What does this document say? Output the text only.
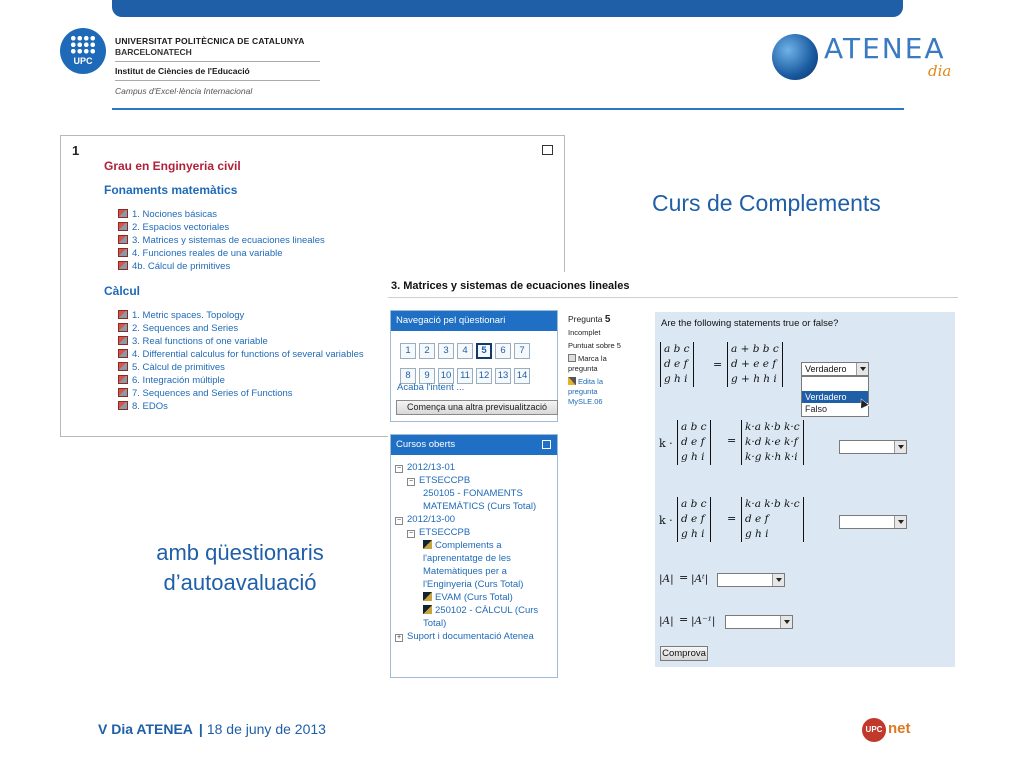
UPC
UNIVERSITAT POLITÈCNICA DE CATALUNYA
BARCELONATECH
Institut de Ciències de l'Educació
Campus d'Excel·lència Internacional
ATENEA
dia
Curs de Complements
1
Grau en Enginyeria civil
Fonaments matemàtics
1. Nociones básicas
2. Espacios vectoriales
3. Matrices y sistemas de ecuaciones lineales
4. Funciones reales de una variable
4b. Cálcul de primitives
Càlcul
1. Metric spaces. Topology
2. Sequences and Series
3. Real functions of one variable
4. Differential calculus for functions of several variables
5. Càlcul de primitives
6. Integración múltiple
7. Sequences and Series of Functions
8. EDOs
3. Matrices y sistemas de ecuaciones lineales
Navegació pel qüestionari
1 2 3 4 5 6 7 8 9 10 11 12 13 14
Acaba l'intent ...
Comença una altra previsualització
Pregunta 5
Incomplet
Puntuat sobre 5
Marca la
pregunta
Edita la
pregunta
MySLE.06
Are the following statements true or false?
a b c
d e f
g h i
=
a + b b c
d + e e f
g + h h i
Verdadero
Verdadero
Falso
k ·
a b c
d e f
g h i
=
k·a k·b k·c
k·d k·e k·f
k·g k·h k·i
k ·
a b c
d e f
g h i
=
k·a k·b k·c
d e f
g h i
|A| = |Aᵗ|
|A| = |A⁻¹|
Comprova
Cursos oberts
− 2012/13-01
− ETSECCPB
250105 - FONAMENTS MATEMÀTICS (Curs Total)
− 2012/13-00
− ETSECCPB
Complements a l'aprenentatge de les Matemàtiques per a l'Enginyeria (Curs Total)
EVAM (Curs Total)
250102 - CÀLCUL (Curs Total)
+ Suport i documentació Atenea
amb qüestionaris
d’autoavaluació
V Dia ATENEA | 18 de juny de 2013	UPC net
